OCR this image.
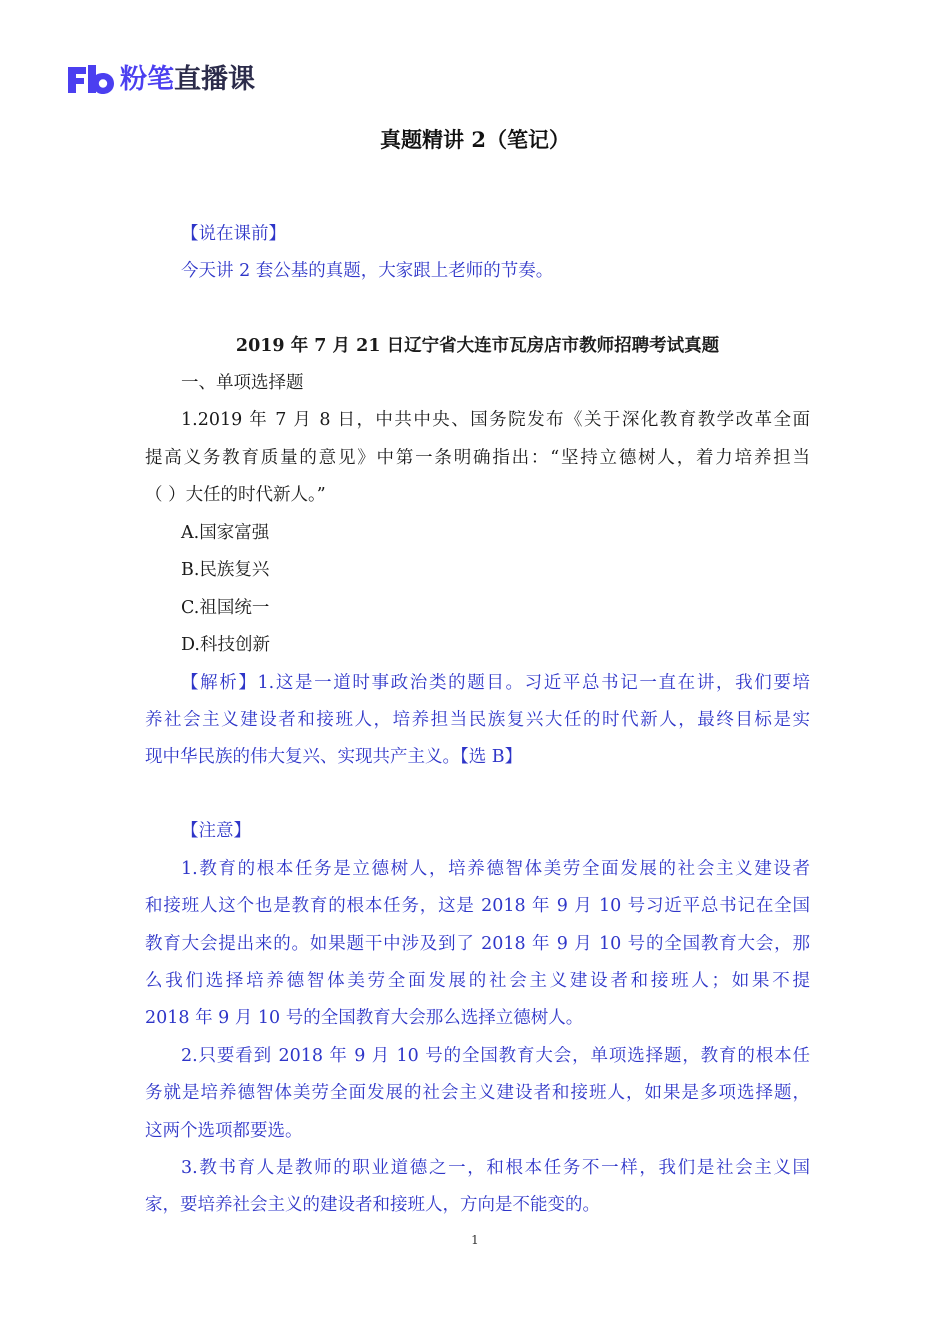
粉笔直播课
真题精讲 2（笔记）
【说在课前】
今天讲 2 套公基的真题，大家跟上老师的节奏。
2019 年 7 月 21 日辽宁省大连市瓦房店市教师招聘考试真题
一、单项选择题
1.2019 年 7 月 8 日，中共中央、国务院发布《关于深化教育教学改革全面
提高义务教育质量的意见》中第一条明确指出：“坚持立德树人，着力培养担当
（ ）大任的时代新人。”
A.国家富强
B.民族复兴
C.祖国统一
D.科技创新
【解析】1.这是一道时事政治类的题目。习近平总书记一直在讲，我们要培
养社会主义建设者和接班人，培养担当民族复兴大任的时代新人，最终目标是实
现中华民族的伟大复兴、实现共产主义。【选 B】
【注意】
1.教育的根本任务是立德树人，培养德智体美劳全面发展的社会主义建设者
和接班人这个也是教育的根本任务，这是 2018 年 9 月 10 号习近平总书记在全国
教育大会提出来的。如果题干中涉及到了 2018 年 9 月 10 号的全国教育大会，那
么我们选择培养德智体美劳全面发展的社会主义建设者和接班人；如果不提
2018 年 9 月 10 号的全国教育大会那么选择立德树人。
2.只要看到 2018 年 9 月 10 号的全国教育大会，单项选择题，教育的根本任
务就是培养德智体美劳全面发展的社会主义建设者和接班人，如果是多项选择题，
这两个选项都要选。
3.教书育人是教师的职业道德之一，和根本任务不一样，我们是社会主义国
家，要培养社会主义的建设者和接班人，方向是不能变的。
1
